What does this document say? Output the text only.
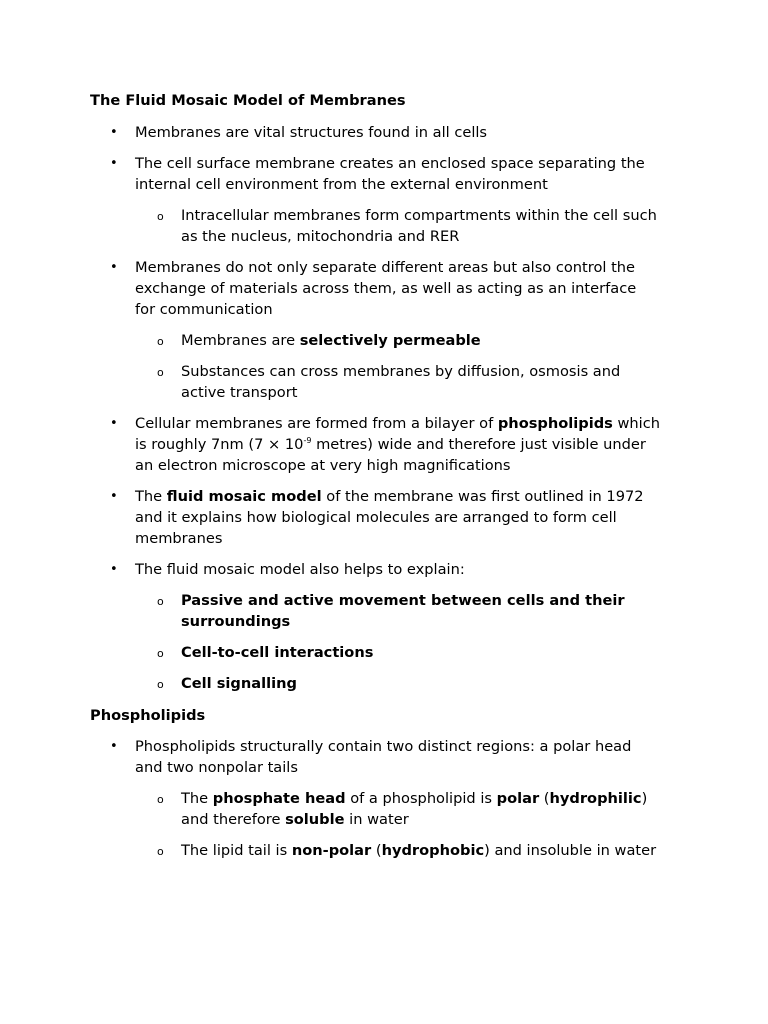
The Fluid Mosaic Model of Membranes
• Membranes are vital structures found in all cells
• The cell surface membrane creates an enclosed space separating the
internal cell environment from the external environment
o Intracellular membranes form compartments within the cell such
as the nucleus, mitochondria and RER
• Membranes do not only separate different areas but also control the
exchange of materials across them, as well as acting as an interface
for communication
o Membranes are selectively permeable
o Substances can cross membranes by diffusion, osmosis and
active transport
• Cellular membranes are formed from a bilayer of phospholipids which
is roughly 7nm ($7 \times 10^{-9}$ metres) wide and therefore just visible under
an electron microscope at very high magnifications
• The fluid mosaic model of the membrane was first outlined in 1972
and it explains how biological molecules are arranged to form cell
membranes
• The fluid mosaic model also helps to explain:
o Passive and active movement between cells and their
surroundings
o Cell-to-cell interactions
o Cell signalling
Phospholipids
• Phospholipids structurally contain two distinct regions: a polar head
and two nonpolar tails
o The phosphate head of a phospholipid is polar (hydrophilic)
and therefore soluble in water
o The lipid tail is non-polar (hydrophobic) and insoluble in water
